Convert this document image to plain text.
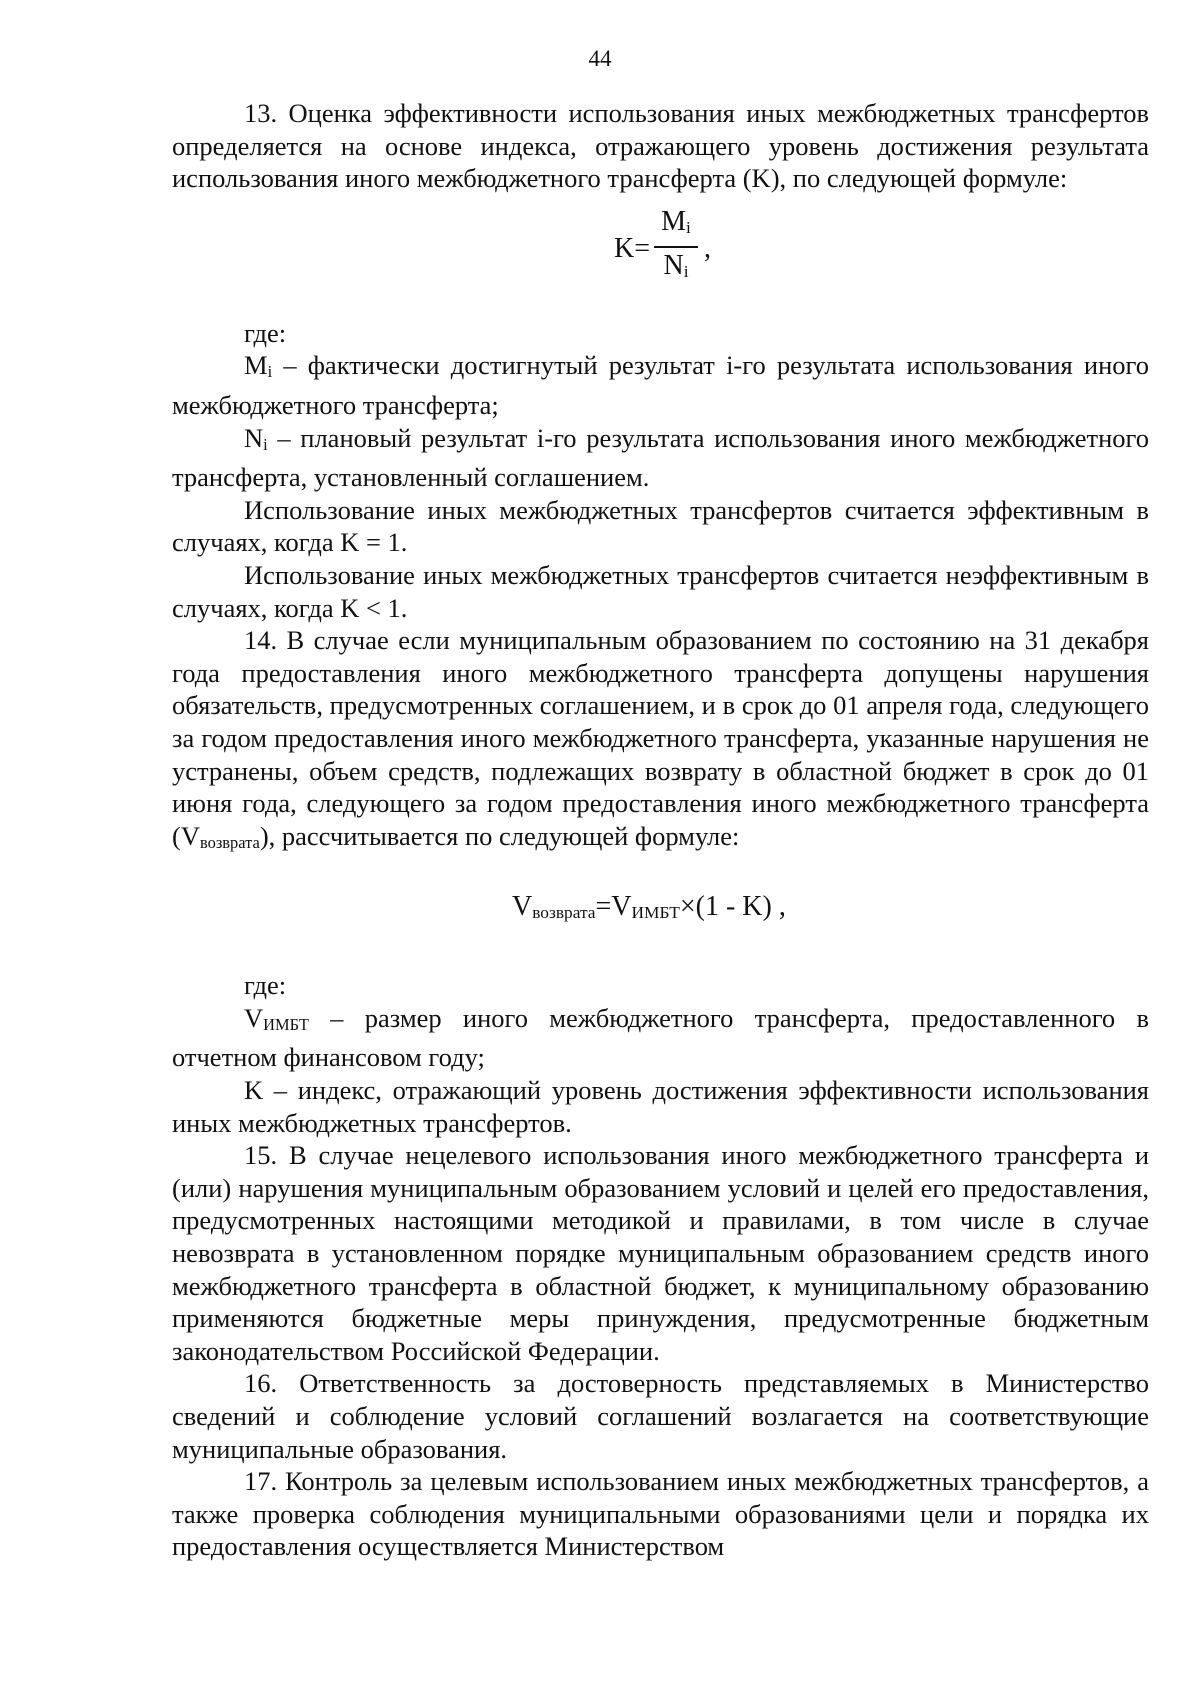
44

13. Оценка эффективности использования иных межбюджетных трансфертов определяется на основе индекса, отражающего уровень достижения результата использования иного межбюджетного трансферта (K), по следующей формуле:

K=
$M_i$
$N_i$
,

где:

$M_i$ – фактически достигнутый результат i-го результата использования иного межбюджетного трансферта;

$N_i$ – плановый результат i-го результата использования иного межбюджетного трансферта, установленный соглашением.

Использование иных межбюджетных трансфертов считается эффективным в случаях, когда K = 1.

Использование иных межбюджетных трансфертов считается неэффективным в случаях, когда K < 1.

14. В случае если муниципальным образованием по состоянию на 31 декабря года предоставления иного межбюджетного трансферта допущены нарушения обязательств, предусмотренных соглашением, и в срок до 01 апреля года, следующего за годом предоставления иного межбюджетного трансферта, указанные нарушения не устранены, объем средств, подлежащих возврату в областной бюджет в срок до 01 июня года, следующего за годом предоставления иного межбюджетного трансферта $(V_{возврата})$, рассчитывается по следующей формуле:

$V_{возврата}=V_{ИМБТ}\times(1 - K)$ ,

где:

$V_{ИМБТ}$ – размер иного межбюджетного трансферта, предоставленного в отчетном финансовом году;

K – индекс, отражающий уровень достижения эффективности использования иных межбюджетных трансфертов.

15. В случае нецелевого использования иного межбюджетного трансферта и (или) нарушения муниципальным образованием условий и целей его предоставления, предусмотренных настоящими методикой и правилами, в том числе в случае невозврата в установленном порядке муниципальным образованием средств иного межбюджетного трансферта в областной бюджет, к муниципальному образованию применяются бюджетные меры принуждения, предусмотренные бюджетным законодательством Российской Федерации.

16. Ответственность за достоверность представляемых в Министерство сведений и соблюдение условий соглашений возлагается на соответствующие муниципальные образования.

17. Контроль за целевым использованием иных межбюджетных трансфертов, а также проверка соблюдения муниципальными образованиями цели и порядка их предоставления осуществляется Министерством
